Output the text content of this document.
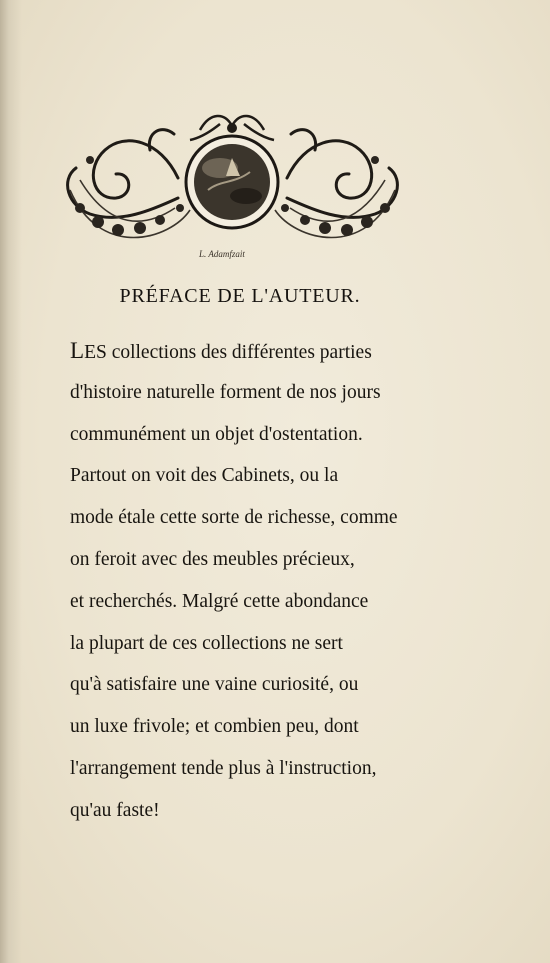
L. Adamfzait
PRÉFACE DE L'AUTEUR.
LES collections des différentes parties
d'histoire naturelle forment de nos jours
communément un objet d'ostentation.
Partout on voit des Cabinets, ou la
mode étale cette sorte de richesse, comme
on feroit avec des meubles précieux,
et recherchés. Malgré cette abondance
la plupart de ces collections ne sert
qu'à satisfaire une vaine curiosité, ou
un luxe frivole; et combien peu, dont
l'arrangement tende plus à l'instruction,
qu'au faste!
